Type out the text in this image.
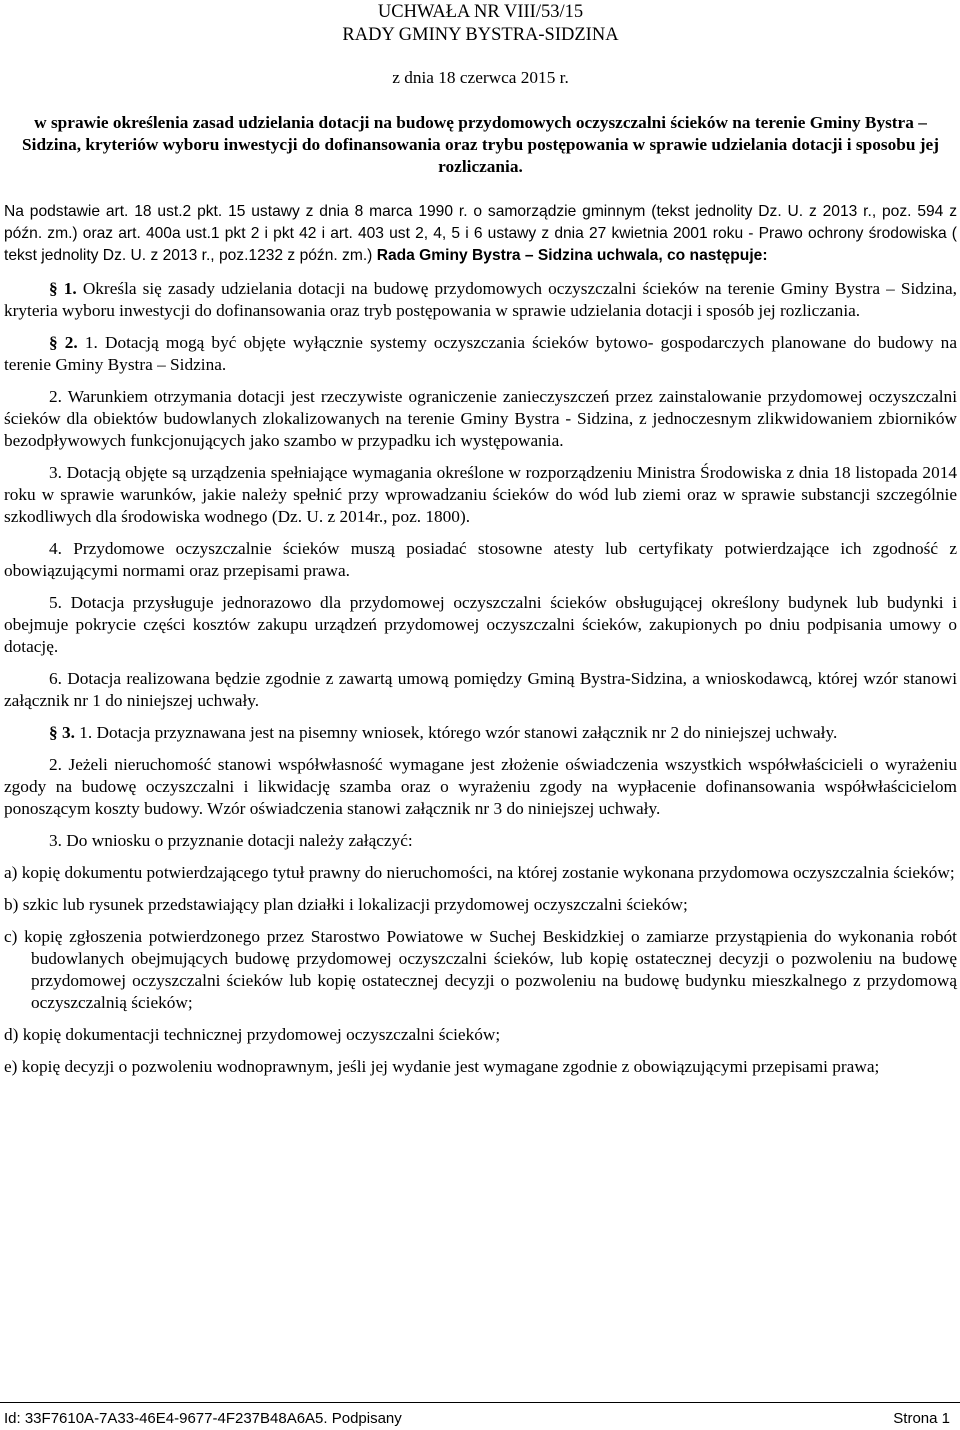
UCHWAŁA NR VIII/53/15
RADY GMINY BYSTRA-SIDZINA
z dnia 18 czerwca 2015 r.
w sprawie określenia zasad udzielania dotacji na budowę przydomowych oczyszczalni ścieków na terenie Gminy Bystra – Sidzina, kryteriów wyboru inwestycji do dofinansowania oraz trybu postępowania w sprawie udzielania dotacji i sposobu jej rozliczania.

Na podstawie art. 18 ust.2 pkt. 15 ustawy z dnia 8 marca 1990 r. o samorządzie gminnym (tekst jednolity Dz. U. z 2013 r., poz. 594 z późn. zm.) oraz art. 400a ust.1 pkt 2 i pkt 42 i art. 403 ust 2, 4, 5 i 6 ustawy z dnia 27 kwietnia 2001 roku - Prawo ochrony środowiska ( tekst jednolity Dz. U. z 2013 r., poz.1232 z późn. zm.) Rada Gminy Bystra – Sidzina uchwala, co następuje:

§ 1. Określa się zasady udzielania dotacji na budowę przydomowych oczyszczalni ścieków na terenie Gminy Bystra – Sidzina, kryteria wyboru inwestycji do dofinansowania oraz tryb postępowania w sprawie udzielania dotacji i sposób jej rozliczania.

§ 2. 1. Dotacją mogą być objęte wyłącznie systemy oczyszczania ścieków bytowo- gospodarczych planowane do budowy na terenie Gminy Bystra – Sidzina.

2. Warunkiem otrzymania dotacji jest rzeczywiste ograniczenie zanieczyszczeń przez zainstalowanie przydomowej oczyszczalni ścieków dla obiektów budowlanych zlokalizowanych na terenie Gminy Bystra - Sidzina, z jednoczesnym zlikwidowaniem zbiorników bezodpływowych funkcjonujących jako szambo w przypadku ich występowania.

3. Dotacją objęte są urządzenia spełniające wymagania określone w rozporządzeniu Ministra Środowiska z dnia 18 listopada 2014 roku w sprawie warunków, jakie należy spełnić przy wprowadzaniu ścieków do wód lub ziemi oraz w sprawie substancji szczególnie szkodliwych dla środowiska wodnego (Dz. U. z 2014r., poz. 1800).

4. Przydomowe oczyszczalnie ścieków muszą posiadać stosowne atesty lub certyfikaty potwierdzające ich zgodność z obowiązującymi normami oraz przepisami prawa.

5. Dotacja przysługuje jednorazowo dla przydomowej oczyszczalni ścieków obsługującej określony budynek lub budynki i obejmuje pokrycie części kosztów zakupu urządzeń przydomowej oczyszczalni ścieków, zakupionych po dniu podpisania umowy o dotację.

6. Dotacja realizowana będzie zgodnie z zawartą umową pomiędzy Gminą Bystra-Sidzina, a wnioskodawcą, której wzór stanowi załącznik nr 1 do niniejszej uchwały.

§ 3. 1. Dotacja przyznawana jest na pisemny wniosek, którego wzór stanowi załącznik nr 2 do niniejszej uchwały.

2. Jeżeli nieruchomość stanowi współwłasność wymagane jest złożenie oświadczenia wszystkich współwłaścicieli o wyrażeniu zgody na budowę oczyszczalni i likwidację szamba oraz o wyrażeniu zgody na wypłacenie dofinansowania współwłaścicielom ponoszącym koszty budowy. Wzór oświadczenia stanowi załącznik nr 3 do niniejszej uchwały.

3. Do wniosku o przyznanie dotacji należy załączyć:

a) kopię dokumentu potwierdzającego tytuł prawny do nieruchomości, na której zostanie wykonana przydomowa oczyszczalnia ścieków;

b) szkic lub rysunek przedstawiający plan działki i lokalizacji przydomowej oczyszczalni ścieków;

c) kopię zgłoszenia potwierdzonego przez Starostwo Powiatowe w Suchej Beskidzkiej o zamiarze przystąpienia do wykonania robót budowlanych obejmujących budowę przydomowej oczyszczalni ścieków, lub kopię ostatecznej decyzji o pozwoleniu na budowę przydomowej oczyszczalni ścieków lub kopię ostatecznej decyzji o pozwoleniu na budowę budynku mieszkalnego z przydomową oczyszczalnią ścieków;

d) kopię dokumentacji technicznej przydomowej oczyszczalni ścieków;

e) kopię decyzji o pozwoleniu wodnoprawnym, jeśli jej wydanie jest wymagane zgodnie z obowiązującymi przepisami prawa;

Id: 33F7610A-7A33-46E4-9677-4F237B48A6A5. Podpisany	Strona 1
